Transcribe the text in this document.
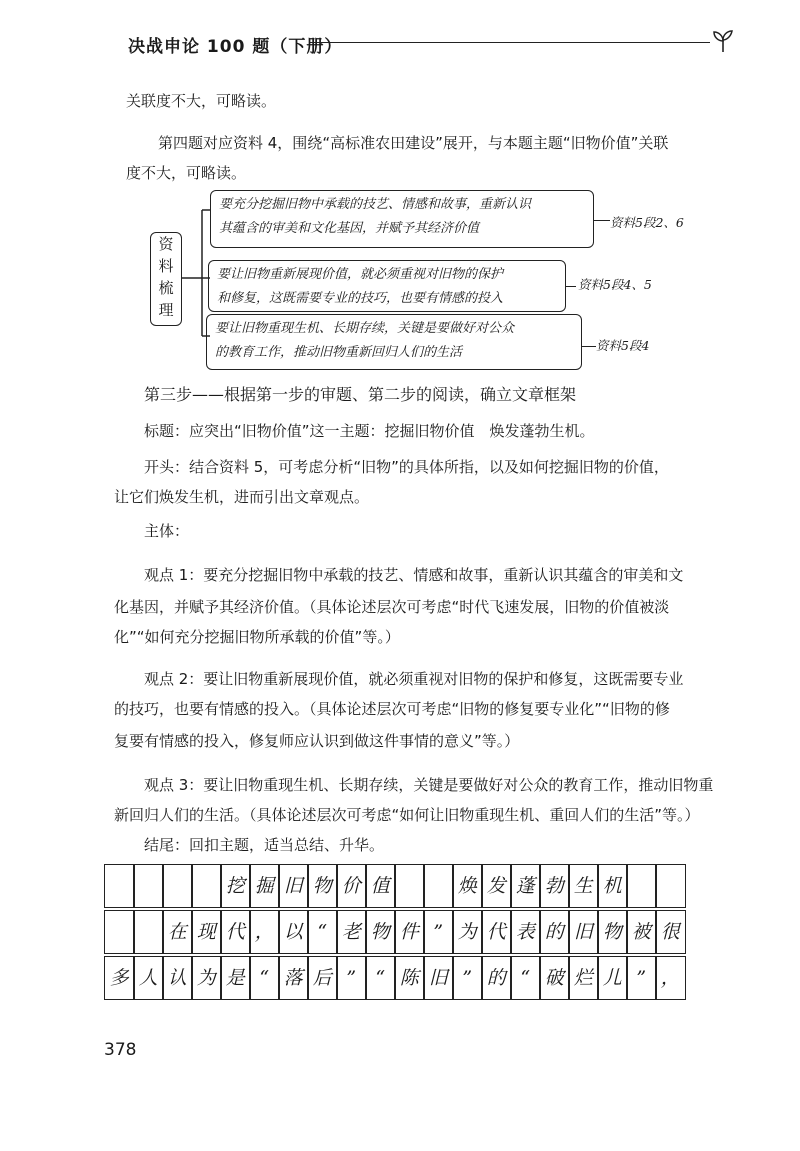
决战申论 100 题（下册）
关联度不大，可略读。
第四题对应资料 4，围绕“高标准农田建设”展开，与本题主题“旧物价值”关联
度不大，可略读。
资
料
梳
理
要充分挖掘旧物中承载的技艺、情感和故事，重新认识
其蕴含的审美和文化基因，并赋予其经济价值	资料5段2、6
要让旧物重新展现价值，就必须重视对旧物的保护
和修复，这既需要专业的技巧，也要有情感的投入
资料5段4、5
要让旧物重现生机、长期存续，关键是要做好对公众
的教育工作，推动旧物重新回归人们的生活	资料5段4
第三步——根据第一步的审题、第二步的阅读，确立文章框架
标题：应突出“旧物价值”这一主题：挖掘旧物价值　焕发蓬勃生机。
开头：结合资料 5，可考虑分析“旧物”的具体所指，以及如何挖掘旧物的价值，
让它们焕发生机，进而引出文章观点。
主体：
观点 1：要充分挖掘旧物中承载的技艺、情感和故事，重新认识其蕴含的审美和文
化基因，并赋予其经济价值。（具体论述层次可考虑“时代飞速发展，旧物的价值被淡
化”“如何充分挖掘旧物所承载的价值”等。）
观点 2：要让旧物重新展现价值，就必须重视对旧物的保护和修复，这既需要专业
的技巧，也要有情感的投入。（具体论述层次可考虑“旧物的修复要专业化”“旧物的修
复要有情感的投入，修复师应认识到做这件事情的意义”等。）
观点 3：要让旧物重现生机、长期存续，关键是要做好对公众的教育工作，推动旧物重
新回归人们的生活。（具体论述层次可考虑“如何让旧物重现生机、重回人们的生活”等。）
结尾：回扣主题，适当总结、升华。
挖 掘 旧 物 价 值	焕 发 蓬 勃 生 机
在 现 代 ， 以 “ 老 物 件 ” 为 代 表 的 旧 物 被 很
多 人 认 为 是 “ 落 后 ”	“ 陈 旧 ” 的 “ 破 烂 儿 ” ，
378
